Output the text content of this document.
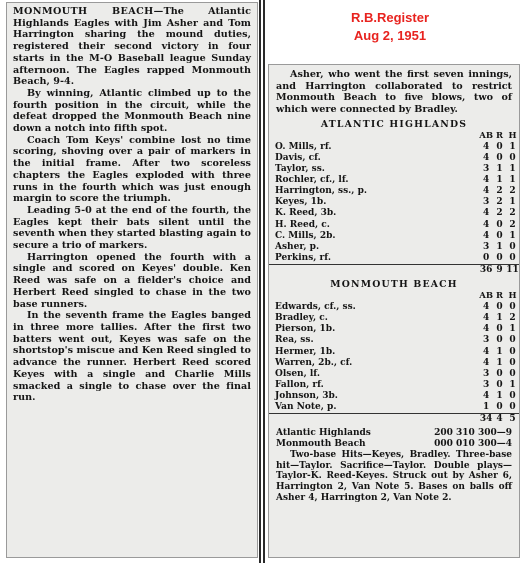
MONMOUTH BEACH—The Atlantic Highlands Eagles with Jim Asher and Tom Harrington sharing the mound duties, registered their second victory in four starts in the M-O Baseball league Sunday afternoon. The Eagles rapped Monmouth Beach, 9-4.

By winning, Atlantic climbed up to the fourth position in the circuit, while the defeat dropped the Monmouth Beach nine down a notch into fifth spot.

Coach Tom Keys' combine lost no time scoring, shoving over a pair of markers in the initial frame. After two scoreless chapters the Eagles exploded with three runs in the fourth which was just enough margin to score the triumph.

Leading 5-0 at the end of the fourth, the Eagles kept their bats silent until the seventh when they started blasting again to secure a trio of markers.

Harrington opened the fourth with a single and scored on Keyes' double. Ken Reed was safe on a fielder's choice and Herbert Reed singled to chase in the two base runners.

In the seventh frame the Eagles banged in three more tallies. After the first two batters went out, Keyes was safe on the shortstop's miscue and Ken Reed singled to advance the runner. Herbert Reed scored Keyes with a single and Charlie Mills smacked a single to chase over the final run.

R.B.Register
Aug 2, 1951

Asher, who went the first seven innings, and Harrington collaborated to restrict Monmouth Beach to five blows, two of which were connected by Bradley.

ATLANTIC HIGHLANDS
	AB	R	H
O. Mills, rf.	4	0	1
Davis, cf.	4	0	0
Taylor, ss.	3	1	1
Rochler, cf., lf.	4	1	1
Harrington, ss., p.	4	2	2
Keyes, 1b.	3	2	1
K. Reed, 3b.	4	2	2
H. Reed, c.	4	0	2
C. Mills, 2b.	4	0	1
Asher, p.	3	1	0
Perkins, rf.	0	0	0
	36	9	11
MONMOUTH BEACH
	AB	R	H
Edwards, cf., ss.	4	0	0
Bradley, c.	4	1	2
Pierson, 1b.	4	0	1
Rea, ss.	3	0	0
Hermer, 1b.	4	1	0
Warren, 2b., cf.	4	1	0
Olsen, lf.	3	0	0
Fallon, rf.	3	0	1
Johnson, 3b.	4	1	0
Van Note, p.	1	0	0
	34	4	5
Atlantic Highlands	200 310 300—9
Monmouth Beach	000 010 300—4

Two-base Hits—Keyes, Bradley. Three-base hit—Taylor. Sacrifice—Taylor. Double plays—Taylor-K. Reed-Keyes. Struck out by Asher 6, Harrington 2, Van Note 5. Bases on balls off Asher 4, Harrington 2, Van Note 2.
